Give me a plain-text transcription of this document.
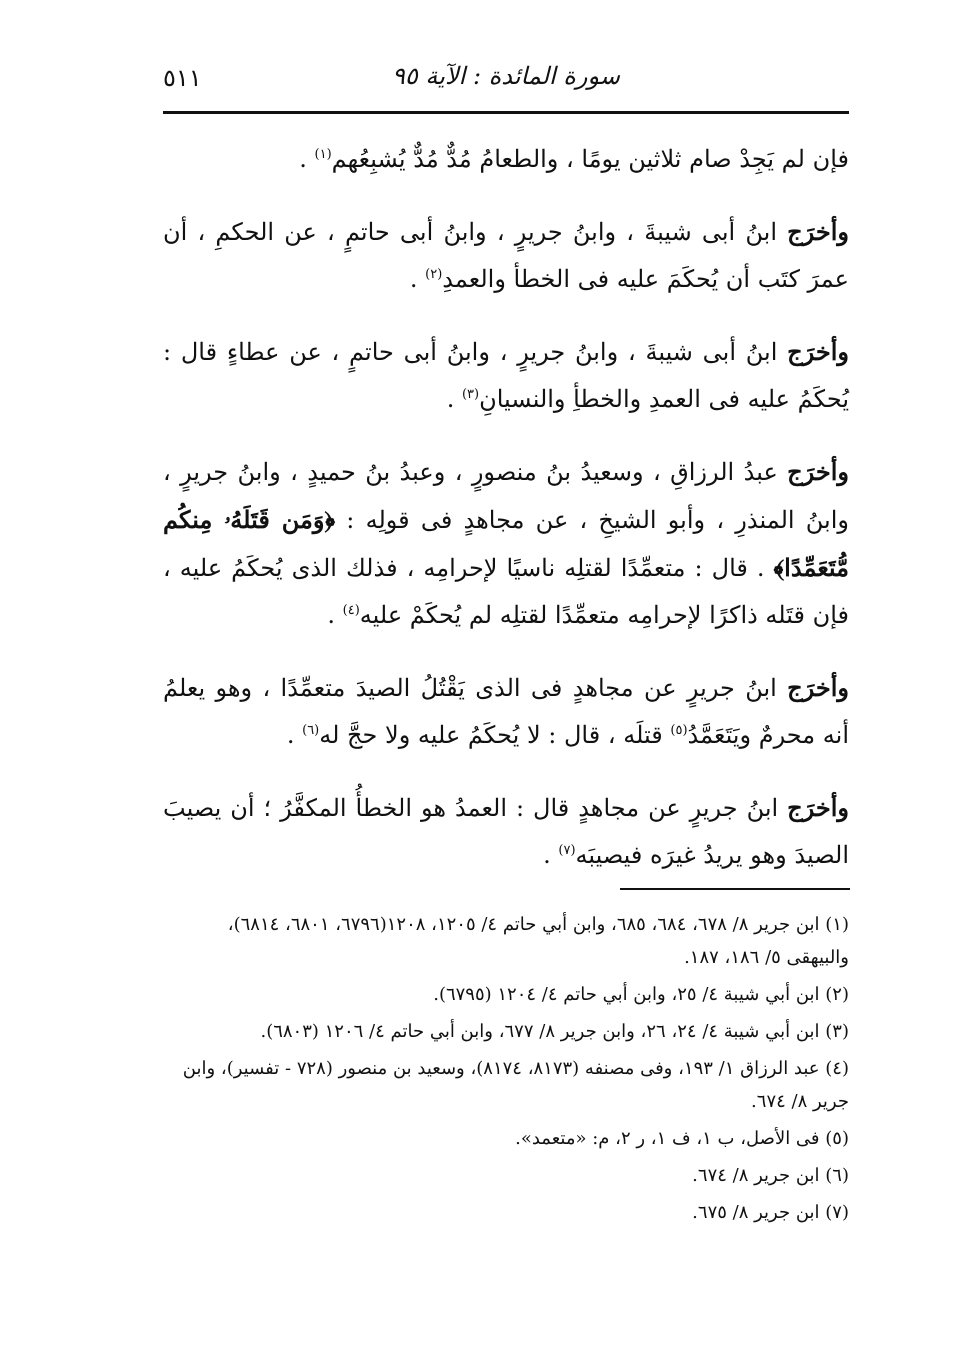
سورة المائدة : الآية ٩٥
٥١١

فإن لم يَجِدْ صام ثلاثين يومًا ، والطعامُ مُدٌّ مُدٌّ يُشبِعُهم$^{(١)}$ .

وأخرَج ابنُ أبى شيبةَ ، وابنُ جريرٍ ، وابنُ أبى حاتمٍ ، عن الحكمِ ، أن عمرَ كتَب أن يُحكَمَ عليه فى الخطأ والعمدِ$^{(٢)}$ .

وأخرَج ابنُ أبى شيبةَ ، وابنُ جريرٍ ، وابنُ أبى حاتمٍ ، عن عطاءٍ قال : يُحكَمُ عليه فى العمدِ والخطأِ والنسيانِ$^{(٣)}$ .

وأخرَج عبدُ الرزاقِ ، وسعيدُ بنُ منصورٍ ، وعبدُ بنُ حميدٍ ، وابنُ جريرٍ ، وابنُ المنذرِ ، وأبو الشيخِ ، عن مجاهدٍ فى قولِه : ﴿وَمَن قَتَلَهُۥ مِنكُم مُّتَعَمِّدًا﴾ . قال : متعمِّدًا لقتلِه ناسيًا لإحرامِه ، فذلك الذى يُحكَمُ عليه ، فإن قتَله ذاكرًا لإحرامِه متعمِّدًا لقتلِه لم يُحكَمْ عليه$^{(٤)}$ .

وأخرَج ابنُ جريرٍ عن مجاهدٍ فى الذى يَقْتُلُ الصيدَ متعمِّدًا ، وهو يعلمُ أنه محرمٌ ويَتَعَمَّدُ$^{(٥)}$ قتلَه ، قال : لا يُحكَمُ عليه ولا حجَّ له$^{(٦)}$ .

وأخرَج ابنُ جريرٍ عن مجاهدٍ قال : العمدُ هو الخطأُ المكفَّرُ ؛ أن يصيبَ الصيدَ وهو يريدُ غيرَه فيصيبَه$^{(٧)}$ .

(١) ابن جرير ٨/ ٦٧٨، ٦٨٤، ٦٨٥، وابن أبي حاتم ٤/ ١٢٠٥، ١٢٠٨(٦٧٩٦، ٦٨٠١، ٦٨١٤)، والبيهقى ٥/ ١٨٦، ١٨٧.
(٢) ابن أبي شيبة ٤/ ٢٥، وابن أبي حاتم ٤/ ١٢٠٤ (٦٧٩٥).
(٣) ابن أبي شيبة ٤/ ٢٤، ٢٦، وابن جرير ٨/ ٦٧٧، وابن أبي حاتم ٤/ ١٢٠٦ (٦٨٠٣).
(٤) عبد الرزاق ١/ ١٩٣، وفى مصنفه (٨١٧٣، ٨١٧٤)، وسعيد بن منصور (٧٢٨ - تفسير)، وابن جرير ٨/ ٦٧٤.
(٥) فى الأصل، ب ١، ف ١، ر ٢، م: «متعمد».
(٦) ابن جرير ٨/ ٦٧٤.
(٧) ابن جرير ٨/ ٦٧٥.
